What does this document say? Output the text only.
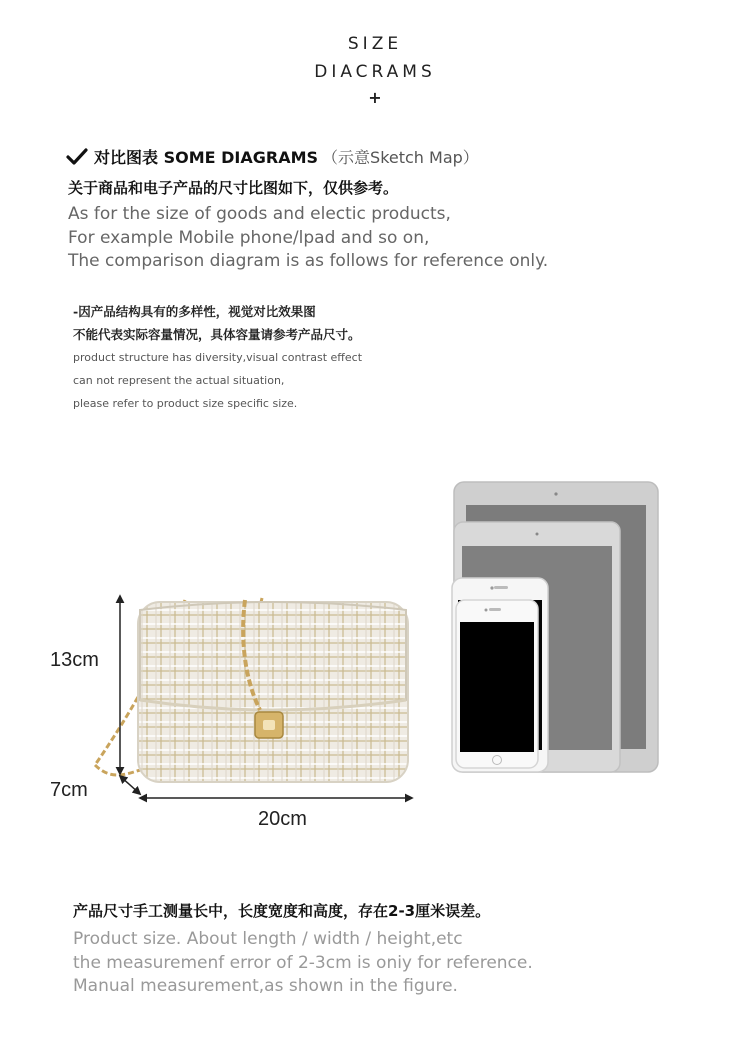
SIZE
DIACRAMS
+
对比图表 SOME DIAGRAMS （示意Sketch Map）
关于商品和电子产品的尺寸比图如下，仅供参考。
As for the size of goods and electic products,
For example Mobile phone/lpad and so on,
The comparison diagram is as follows for reference only.
-因产品结构具有的多样性，视觉对比效果图
不能代表实际容量情况，具体容量请参考产品尺寸。
product structure has diversity,visual contrast effect
can not represent the actual situation,
please refer to product size specific size.
13cm
7cm
20cm
产品尺寸手工测量长中，长度宽度和高度，存在2-3厘米误差。
Product size. About length / width / height,etc
the measuremenf error of 2-3cm is oniy for reference.
Manual measurement,as shown in the figure.
